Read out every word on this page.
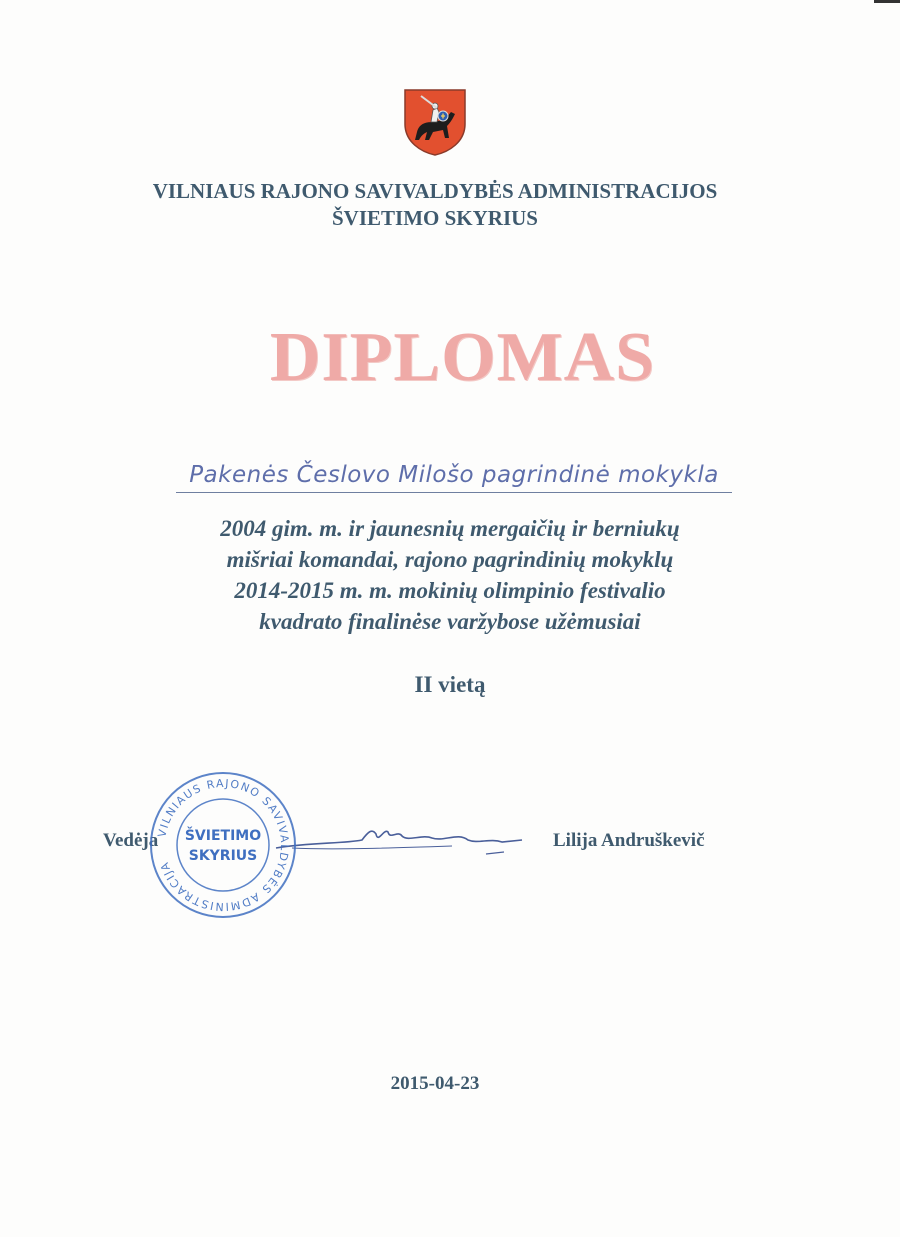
VILNIAUS RAJONO SAVIVALDYBĖS ADMINISTRACIJOS
ŠVIETIMO SKYRIUS
DIPLOMAS
Pakenės Česlovo Milošo pagrindinė mokykla
2004 gim. m. ir jaunesnių mergaičių ir berniukų
mišriai komandai, rajono pagrindinių mokyklų
2014-2015 m. m. mokinių olimpinio festivalio
kvadrato finalinėse varžybose užėmusiai
II vietą
Vedėja	Lilija Andruškevič
VILNIAUS RAJONO SAVIVALDYBĖS ADMINISTRACIJA
ŠVIETIMO
SKYRIUS
2015-04-23
